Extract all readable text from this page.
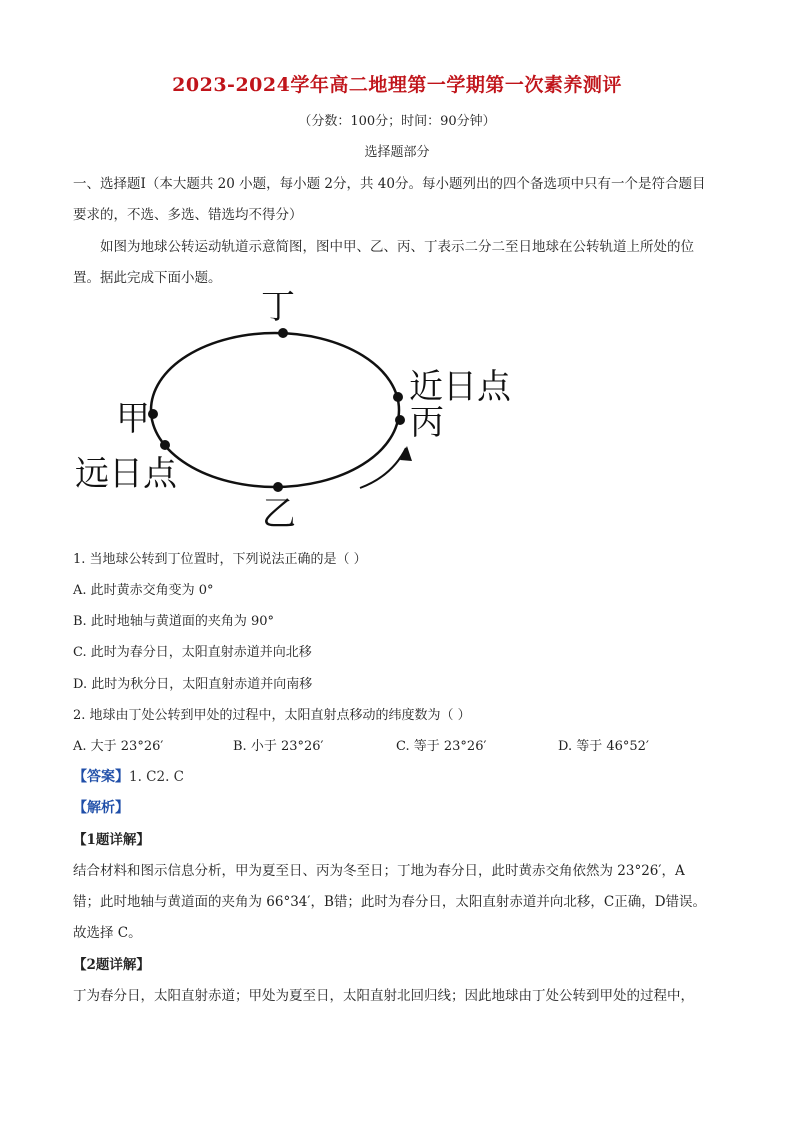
2023-2024学年高二地理第一学期第一次素养测评
（分数：100分；时间：90分钟）
选择题部分
一、选择题Ⅰ（本大题共 20 小题，每小题 2分，共 40分。每小题列出的四个备选项中只有一个是符合题目
要求的，不选、多选、错选均不得分）
如图为地球公转运动轨道示意简图，图中甲、乙、丙、丁表示二分二至日地球在公转轨道上所处的位
置。据此完成下面小题。
丁
甲
远日点
近日点
丙
乙
1. 当地球公转到丁位置时，下列说法正确的是（ ）
A. 此时黄赤交角变为 0°
B. 此时地轴与黄道面的夹角为 90°
C. 此时为春分日，太阳直射赤道并向北移
D. 此时为秋分日，太阳直射赤道并向南移
2. 地球由丁处公转到甲处的过程中，太阳直射点移动的纬度数为（ ）
A. 大于 23°26′	B. 小于 23°26′	C. 等于 23°26′	D. 等于 46°52′
【答案】1. C2. C
【解析】
【1题详解】
结合材料和图示信息分析，甲为夏至日、丙为冬至日；丁地为春分日，此时黄赤交角依然为 23°26′，A
错；此时地轴与黄道面的夹角为 66°34′，B错；此时为春分日，太阳直射赤道并向北移，C正确，D错误。
故选择 C。
【2题详解】
丁为春分日，太阳直射赤道；甲处为夏至日，太阳直射北回归线；因此地球由丁处公转到甲处的过程中，
